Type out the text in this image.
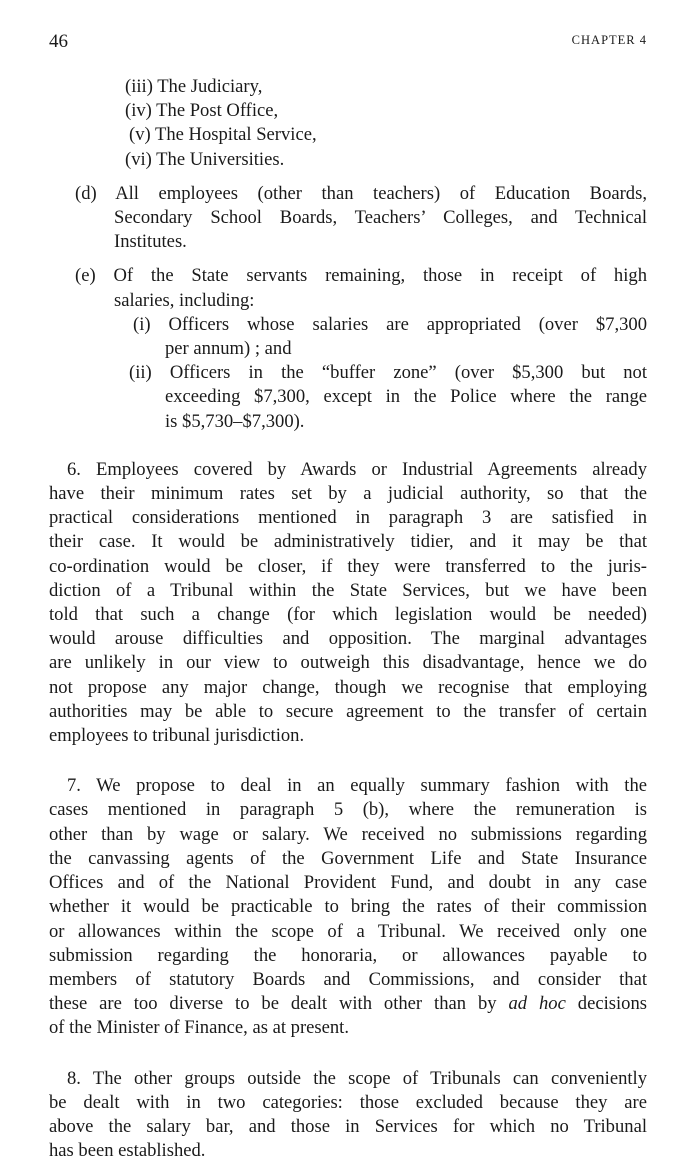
46	CHAPTER 4
(iii) The Judiciary,
(iv) The Post Office,
(v) The Hospital Service,
(vi) The Universities.
(d) All employees (other than teachers) of Education Boards,
Secondary School Boards, Teachers’ Colleges, and Technical
Institutes.
(e) Of the State servants remaining, those in receipt of high
salaries, including:
(i) Officers whose salaries are appropriated (over $7,300
per annum) ; and
(ii) Officers in the “buffer zone” (over $5,300 but not
exceeding $7,300, except in the Police where the range
is $5,730–$7,300).
6. Employees covered by Awards or Industrial Agreements already
have their minimum rates set by a judicial authority, so that the
practical considerations mentioned in paragraph 3 are satisfied in
their case. It would be administratively tidier, and it may be that
co-ordination would be closer, if they were transferred to the juris-
diction of a Tribunal within the State Services, but we have been
told that such a change (for which legislation would be needed)
would arouse difficulties and opposition. The marginal advantages
are unlikely in our view to outweigh this disadvantage, hence we do
not propose any major change, though we recognise that employing
authorities may be able to secure agreement to the transfer of certain
employees to tribunal jurisdiction.
7. We propose to deal in an equally summary fashion with the
cases mentioned in paragraph 5 (b), where the remuneration is
other than by wage or salary. We received no submissions regarding
the canvassing agents of the Government Life and State Insurance
Offices and of the National Provident Fund, and doubt in any case
whether it would be practicable to bring the rates of their commission
or allowances within the scope of a Tribunal. We received only one
submission regarding the honoraria, or allowances payable to
members of statutory Boards and Commissions, and consider that
these are too diverse to be dealt with other than by ad hoc decisions
of the Minister of Finance, as at present.
8. The other groups outside the scope of Tribunals can conveniently
be dealt with in two categories: those excluded because they are
above the salary bar, and those in Services for which no Tribunal
has been established.
